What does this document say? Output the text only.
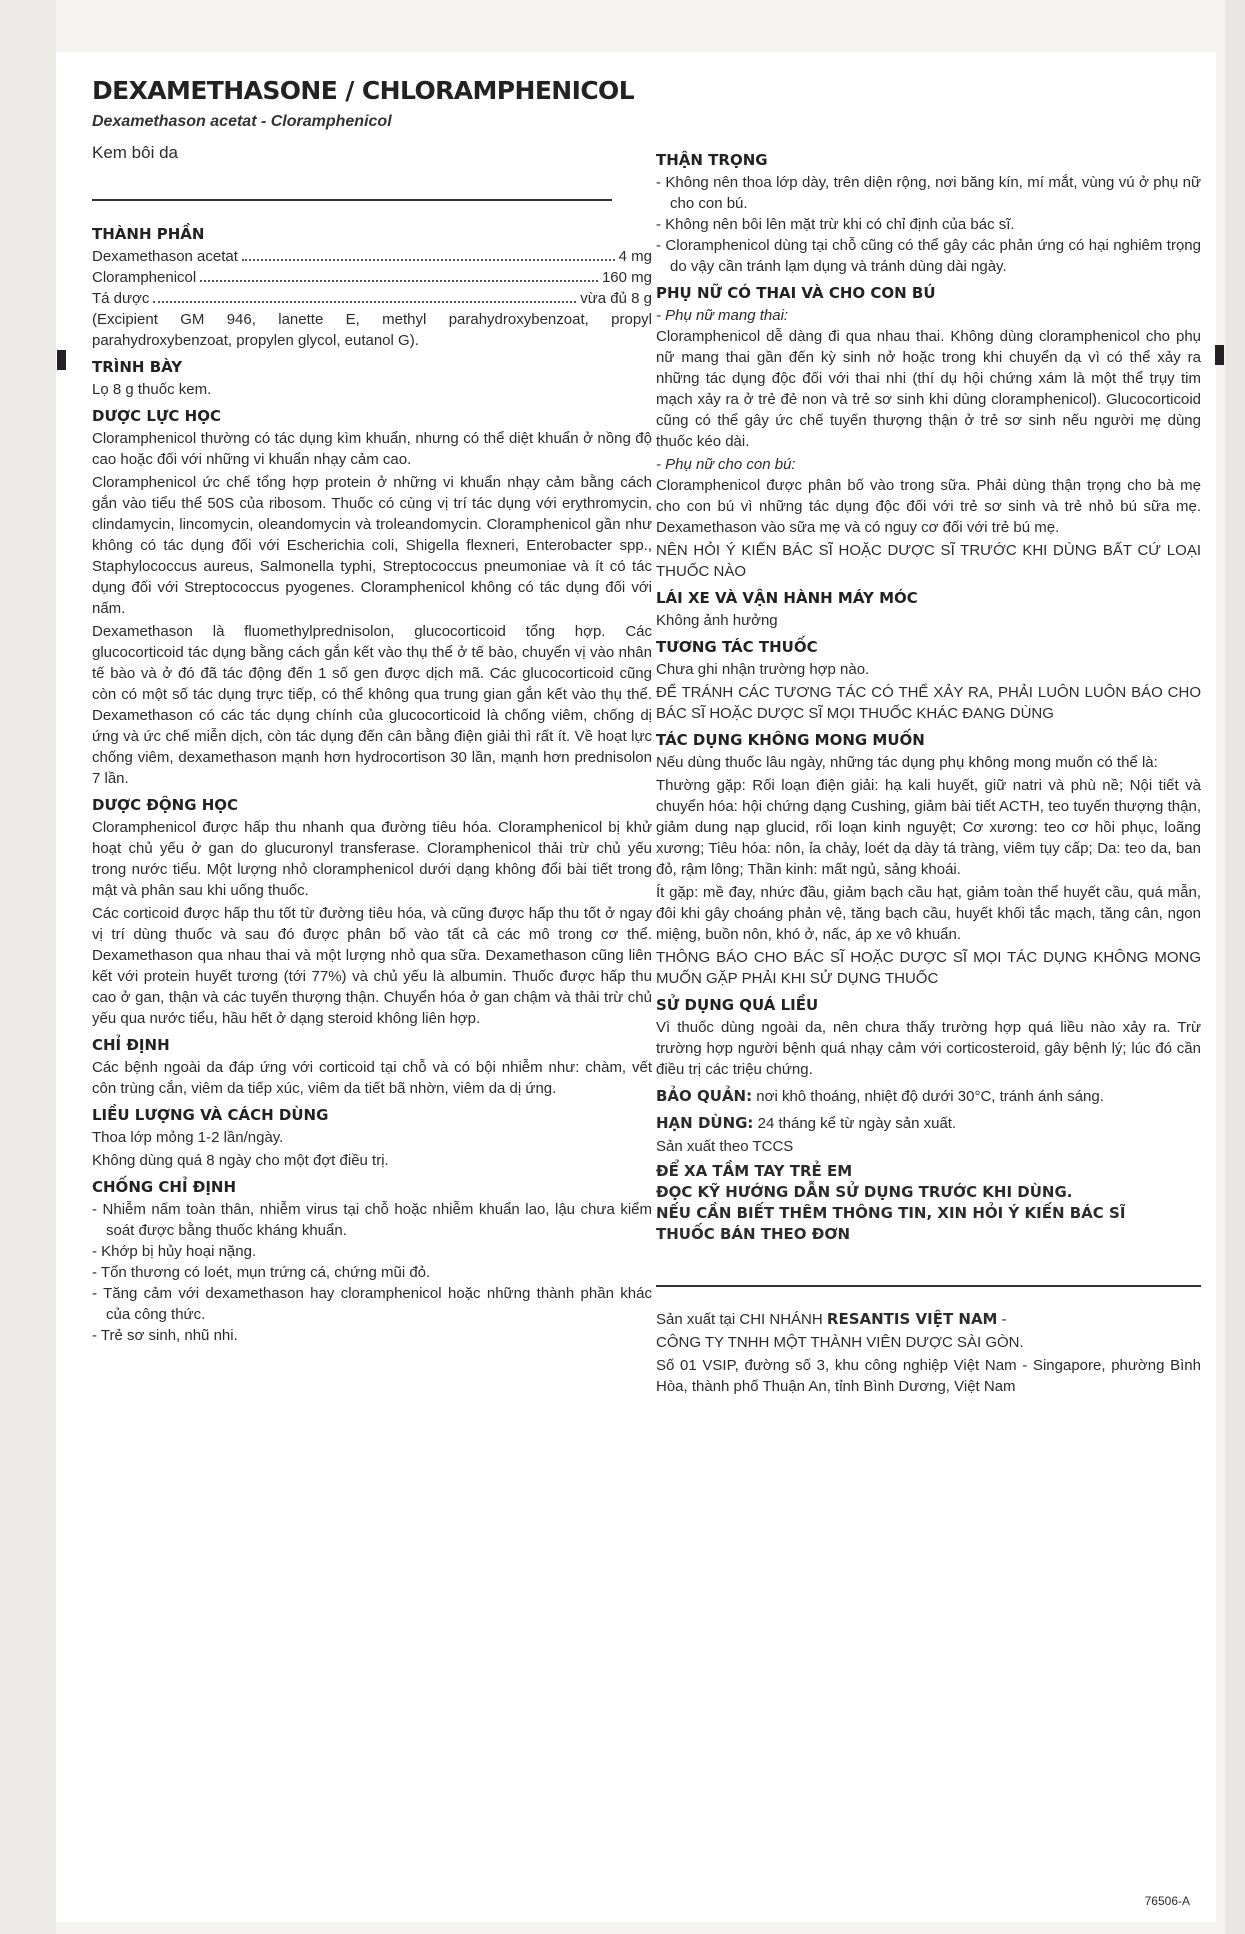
DEXAMETHASONE / CHLORAMPHENICOL

Dexamethason acetat - Cloramphenicol

Kem bôi da

THÀNH PHẦN
Dexamethason acetat	4 mg
Cloramphenicol	160 mg
Tá dược	vừa đủ 8 g

(Excipient GM 946, lanette E, methyl parahydroxybenzoat, propyl parahydroxybenzoat, propylen glycol, eutanol G).

TRÌNH BÀY

Lọ 8 g thuốc kem.

DƯỢC LỰC HỌC

Cloramphenicol thường có tác dụng kìm khuẩn, nhưng có thể diệt khuẩn ở nồng độ cao hoặc đối với những vi khuẩn nhạy cảm cao.

Cloramphenicol ức chế tổng hợp protein ở những vi khuẩn nhạy cảm bằng cách gắn vào tiểu thể 50S của ribosom. Thuốc có cùng vị trí tác dụng với erythromycin, clindamycin, lincomycin, oleandomycin và troleandomycin. Cloramphenicol gần như không có tác dụng đối với Escherichia coli, Shigella flexneri, Enterobacter spp., Staphylococcus aureus, Salmonella typhi, Streptococcus pneumoniae và ít có tác dụng đối với Streptococcus pyogenes. Cloramphenicol không có tác dụng đối với nấm.

Dexamethason là fluomethylprednisolon, glucocorticoid tổng hợp. Các glucocorticoid tác dụng bằng cách gắn kết vào thụ thể ở tế bào, chuyển vị vào nhân tế bào và ở đó đã tác động đến 1 số gen được dịch mã. Các glucocorticoid cũng còn có một số tác dụng trực tiếp, có thể không qua trung gian gắn kết vào thụ thể. Dexamethason có các tác dụng chính của glucocorticoid là chống viêm, chống dị ứng và ức chế miễn dịch, còn tác dụng đến cân bằng điện giải thì rất ít. Về hoạt lực chống viêm, dexamethason mạnh hơn hydrocortison 30 lần, mạnh hơn prednisolon 7 lần.

DƯỢC ĐỘNG HỌC

Cloramphenicol được hấp thu nhanh qua đường tiêu hóa. Cloramphenicol bị khử hoạt chủ yếu ở gan do glucuronyl transferase. Cloramphenicol thải trừ chủ yếu trong nước tiểu. Một lượng nhỏ cloramphenicol dưới dạng không đổi bài tiết trong mật và phân sau khi uống thuốc.

Các corticoid được hấp thu tốt từ đường tiêu hóa, và cũng được hấp thu tốt ở ngay vị trí dùng thuốc và sau đó được phân bố vào tất cả các mô trong cơ thể. Dexamethason qua nhau thai và một lượng nhỏ qua sữa. Dexamethason cũng liên kết với protein huyết tương (tới 77%) và chủ yếu là albumin. Thuốc được hấp thu cao ở gan, thận và các tuyến thượng thận. Chuyển hóa ở gan chậm và thải trừ chủ yếu qua nước tiểu, hầu hết ở dạng steroid không liên hợp.

CHỈ ĐỊNH

Các bệnh ngoài da đáp ứng với corticoid tại chỗ và có bội nhiễm như: chàm, vết côn trùng cắn, viêm da tiếp xúc, viêm da tiết bã nhờn, viêm da dị ứng.

LIỀU LƯỢNG VÀ CÁCH DÙNG

Thoa lớp mỏng 1-2 lần/ngày.

Không dùng quá 8 ngày cho một đợt điều trị.

CHỐNG CHỈ ĐỊNH
- Nhiễm nấm toàn thân, nhiễm virus tại chỗ hoặc nhiễm khuẩn lao, lậu chưa kiểm soát được bằng thuốc kháng khuẩn.
- Khớp bị hủy hoại nặng.
- Tổn thương có loét, mụn trứng cá, chứng mũi đỏ.
- Tăng cảm với dexamethason hay cloramphenicol hoặc những thành phần khác của công thức.
- Trẻ sơ sinh, nhũ nhi.
THẬN TRỌNG
- Không nên thoa lớp dày, trên diện rộng, nơi băng kín, mí mắt, vùng vú ở phụ nữ cho con bú.
- Không nên bôi lên mặt trừ khi có chỉ định của bác sĩ.
- Cloramphenicol dùng tại chỗ cũng có thể gây các phản ứng có hại nghiêm trọng do vậy cần tránh lạm dụng và tránh dùng dài ngày.
PHỤ NỮ CÓ THAI VÀ CHO CON BÚ

- Phụ nữ mang thai:

Cloramphenicol dễ dàng đi qua nhau thai. Không dùng cloramphenicol cho phụ nữ mang thai gần đến kỳ sinh nở hoặc trong khi chuyển dạ vì có thể xảy ra những tác dụng độc đối với thai nhi (thí dụ hội chứng xám là một thể trụy tim mạch xảy ra ở trẻ đẻ non và trẻ sơ sinh khi dùng cloramphenicol). Glucocorticoid cũng có thể gây ức chế tuyến thượng thận ở trẻ sơ sinh nếu người mẹ dùng thuốc kéo dài.

- Phụ nữ cho con bú:

Cloramphenicol được phân bố vào trong sữa. Phải dùng thận trọng cho bà mẹ cho con bú vì những tác dụng độc đối với trẻ sơ sinh và trẻ nhỏ bú sữa mẹ. Dexamethason vào sữa mẹ và có nguy cơ đối với trẻ bú mẹ.

NÊN HỎI Ý KIẾN BÁC SĨ HOẶC DƯỢC SĨ TRƯỚC KHI DÙNG BẤT CỨ LOẠI THUỐC NÀO

LÁI XE VÀ VẬN HÀNH MÁY MÓC

Không ảnh hưởng

TƯƠNG TÁC THUỐC

Chưa ghi nhận trường hợp nào.

ĐỂ TRÁNH CÁC TƯƠNG TÁC CÓ THỂ XẢY RA, PHẢI LUÔN LUÔN BÁO CHO BÁC SĨ HOẶC DƯỢC SĨ MỌI THUỐC KHÁC ĐANG DÙNG

TÁC DỤNG KHÔNG MONG MUỐN

Nếu dùng thuốc lâu ngày, những tác dụng phụ không mong muốn có thể là:

Thường gặp: Rối loạn điện giải: hạ kali huyết, giữ natri và phù nề; Nội tiết và chuyển hóa: hội chứng dạng Cushing, giảm bài tiết ACTH, teo tuyến thượng thận, giảm dung nạp glucid, rối loạn kinh nguyệt; Cơ xương: teo cơ hồi phục, loãng xương; Tiêu hóa: nôn, ỉa chảy, loét dạ dày tá tràng, viêm tụy cấp; Da: teo da, ban đỏ, rậm lông; Thần kinh: mất ngủ, sảng khoái.

Ít gặp: mề đay, nhức đầu, giảm bạch cầu hạt, giảm toàn thể huyết cầu, quá mẫn, đôi khi gây choáng phản vệ, tăng bạch cầu, huyết khối tắc mạch, tăng cân, ngon miệng, buồn nôn, khó ở, nấc, áp xe vô khuẩn.

THÔNG BÁO CHO BÁC SĨ HOẶC DƯỢC SĨ MỌI TÁC DỤNG KHÔNG MONG MUỐN GẶP PHẢI KHI SỬ DỤNG THUỐC

SỬ DỤNG QUÁ LIỀU

Vì thuốc dùng ngoài da, nên chưa thấy trường hợp quá liều nào xảy ra. Trừ trường hợp người bệnh quá nhạy cảm với corticosteroid, gây bệnh lý; lúc đó cần điều trị các triệu chứng.

BẢO QUẢN: nơi khô thoáng, nhiệt độ dưới 30°C, tránh ánh sáng.

HẠN DÙNG: 24 tháng kể từ ngày sản xuất.

Sản xuất theo TCCS

ĐỂ XA TẦM TAY TRẺ EM

ĐỌC KỸ HƯỚNG DẪN SỬ DỤNG TRƯỚC KHI DÙNG.

NẾU CẦN BIẾT THÊM THÔNG TIN, XIN HỎI Ý KIẾN BÁC SĨ

THUỐC BÁN THEO ĐƠN

Sản xuất tại CHI NHÁNH RESANTIS VIỆT NAM -

CÔNG TY TNHH MỘT THÀNH VIÊN DƯỢC SÀI GÒN.

Số 01 VSIP, đường số 3, khu công nghiệp Việt Nam - Singapore, phường Bình Hòa, thành phố Thuận An, tỉnh Bình Dương, Việt Nam

76506-A
